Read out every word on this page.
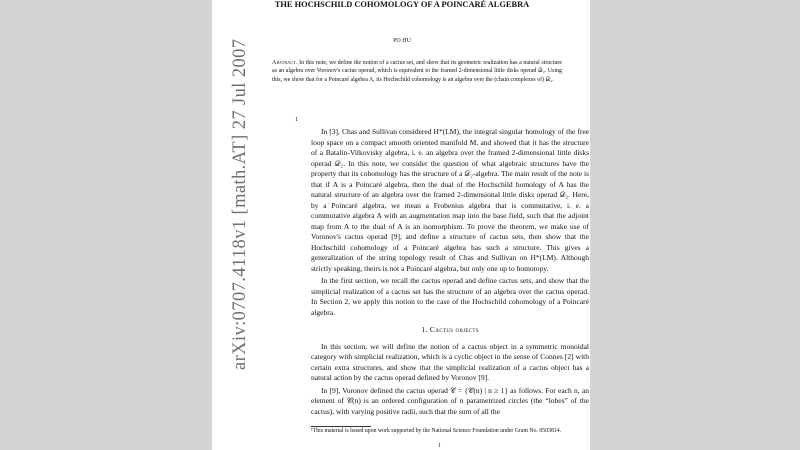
arXiv:0707.4118v1 [math.AT] 27 Jul 2007
THE HOCHSCHILD COHOMOLOGY OF A POINCARÉ ALGEBRA
PO HU
Abstract. In this note, we define the notion of a cactus set, and show that its geometric realization has a natural structure as an algebra over Voronov's cactus operad, which is equivalent to the framed 2-dimensional little disks operad 𝒟₂. Using this, we show that for a Poincaré algebra A, its Hochschild cohomology is an algebra over the (chain complexes of) 𝒟₂.
1

In [3], Chas and Sullivan considered H*(LM), the integral singular homology of the free loop space on a compact smooth oriented manifold M, and showed that it has the structure of a Batalin-Vilkovisky algebra, i. e. an algebra over the framed 2-dimensional little disks operad 𝒟₂. In this note, we consider the question of what algebraic structures have the property that its cohomology has the structure of a 𝒟₂-algebra. The main result of the note is that if A is a Poincaré algebra, then the dual of the Hochschild homology of A has the natural structure of an algebra over the framed 2-dimensional little disks operad 𝒟₂. Here, by a Poincaré algebra, we mean a Frobenius algebra that is commutative, i. e. a commutative algebra A with an augmentation map into the base field, such that the adjoint map from A to the dual of A is an isomorphism. To prove the theorem, we make use of Voronov's cactus operad [9], and define a structure of cactus sets, then show that the Hochschild cohomology of a Poincaré algebra has such a structure. This gives a generalization of the string topology result of Chas and Sullivan on H*(LM). Although strictly speaking, theirs is not a Poincaré algebra, but only one up to homotopy.

In the first section, we recall the cactus operad and define cactus sets, and show that the simplicial realization of a cactus set has the structure of an algebra over the cactus operad. In Section 2, we apply this notion to the case of the Hochschild cohomology of a Poincaré algebra.

1. Cactus objects

In this section, we will define the notion of a cactus object in a symmetric monoidal category with simplicial realization, which is a cyclic object in the sense of Connes [2] with certain extra structures, and show that the simplicial realization of a cactus object has a natural action by the cactus operad defined by Voronov [9].

In [9], Voronov defined the cactus operad 𝒞 = {𝒞(n) | n ≥ 1} as follows. For each n, an element of 𝒞(n) is an ordered configuration of n parametrized circles (the “lobes” of the cactus), with varying positive radii, such that the sum of all the

¹This material is based upon work supported by the National Science Foundation under Grant No. 0503814.
1
